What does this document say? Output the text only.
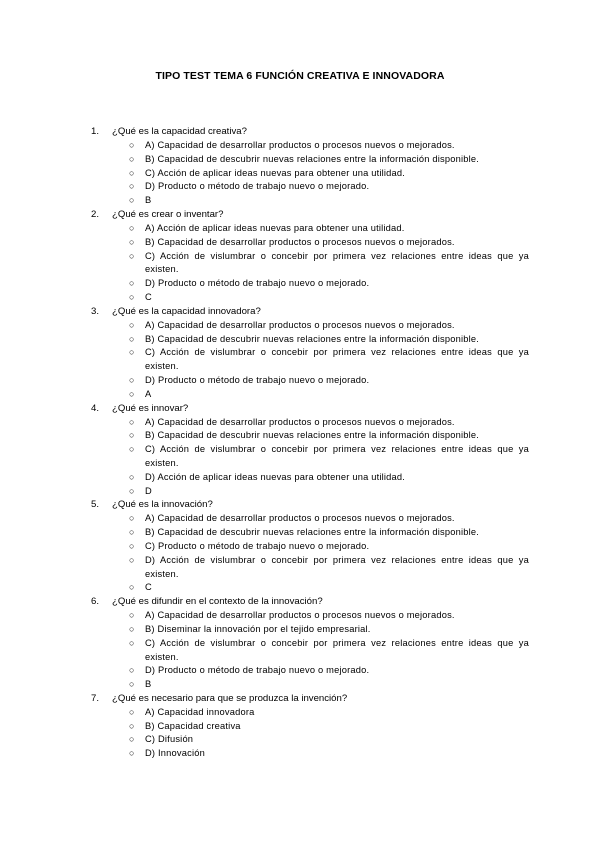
TIPO TEST TEMA 6 FUNCIÓN CREATIVA E INNOVADORA
1.	¿Qué es la capacidad creativa?
○ A) Capacidad de desarrollar productos o procesos nuevos o mejorados.
○ B) Capacidad de descubrir nuevas relaciones entre la información disponible.
○ C) Acción de aplicar ideas nuevas para obtener una utilidad.
○ D) Producto o método de trabajo nuevo o mejorado.
○ B
2.	¿Qué es crear o inventar?
○ A) Acción de aplicar ideas nuevas para obtener una utilidad.
○ B) Capacidad de desarrollar productos o procesos nuevos o mejorados.
○ C) Acción de vislumbrar o concebir por primera vez relaciones entre ideas que ya existen.
○ D) Producto o método de trabajo nuevo o mejorado.
○ C
3.	¿Qué es la capacidad innovadora?
○ A) Capacidad de desarrollar productos o procesos nuevos o mejorados.
○ B) Capacidad de descubrir nuevas relaciones entre la información disponible.
○ C) Acción de vislumbrar o concebir por primera vez relaciones entre ideas que ya existen.
○ D) Producto o método de trabajo nuevo o mejorado.
○ A
4.	¿Qué es innovar?
○ A) Capacidad de desarrollar productos o procesos nuevos o mejorados.
○ B) Capacidad de descubrir nuevas relaciones entre la información disponible.
○ C) Acción de vislumbrar o concebir por primera vez relaciones entre ideas que ya existen.
○ D) Acción de aplicar ideas nuevas para obtener una utilidad.
○ D
5.	¿Qué es la innovación?
○ A) Capacidad de desarrollar productos o procesos nuevos o mejorados.
○ B) Capacidad de descubrir nuevas relaciones entre la información disponible.
○ C) Producto o método de trabajo nuevo o mejorado.
○ D) Acción de vislumbrar o concebir por primera vez relaciones entre ideas que ya existen.
○ C
6.	¿Qué es difundir en el contexto de la innovación?
○ A) Capacidad de desarrollar productos o procesos nuevos o mejorados.
○ B) Diseminar la innovación por el tejido empresarial.
○ C) Acción de vislumbrar o concebir por primera vez relaciones entre ideas que ya existen.
○ D) Producto o método de trabajo nuevo o mejorado.
○ B
7.	¿Qué es necesario para que se produzca la invención?
○ A) Capacidad innovadora
○ B) Capacidad creativa
○ C) Difusión
○ D) Innovación
